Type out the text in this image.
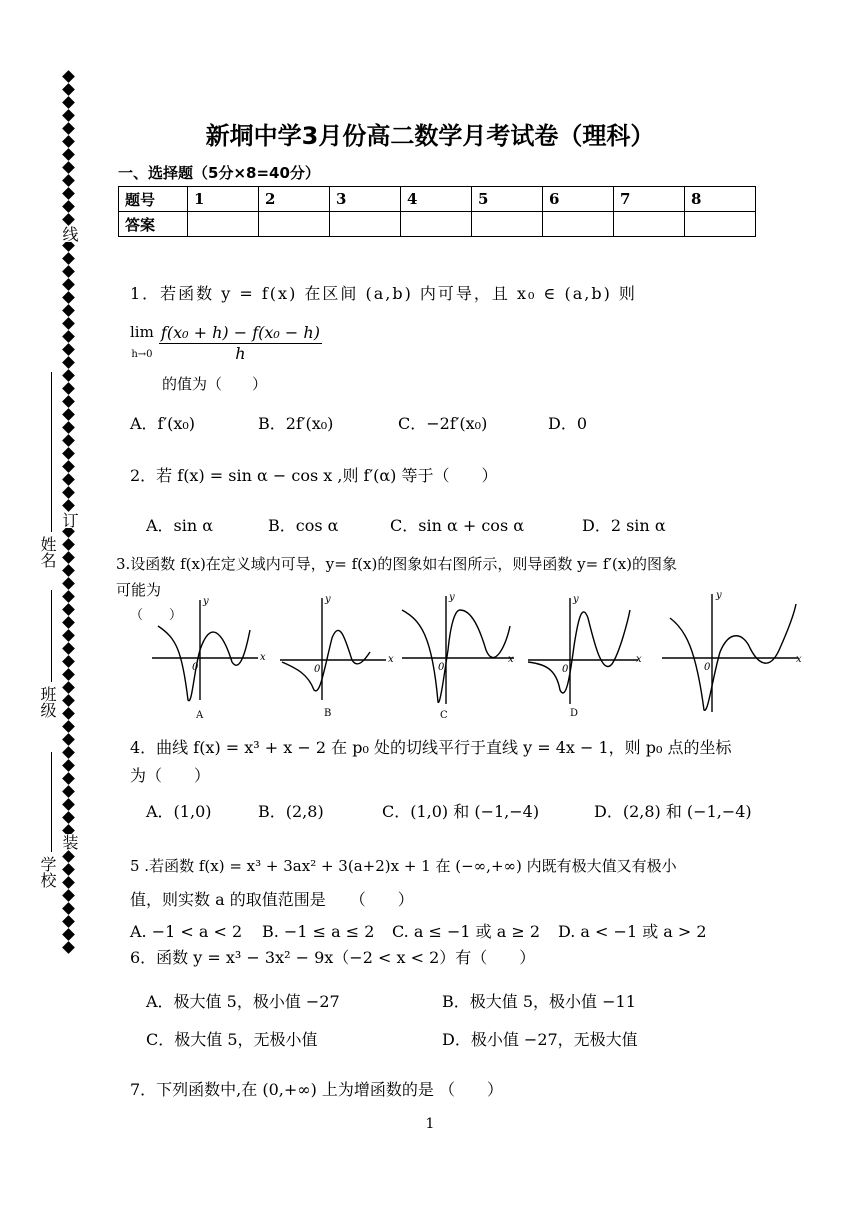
线
订
装
姓名
班级
学校
新垌中学3月份高二数学月考试卷（理科）
一、选择题（5分×8=40分）
题号	1	2	3	4	5	6	7	8
答案								
1．若函数 y = f(x) 在区间 (a,b) 内可导，且 x₀ ∈ (a,b) 则
lim
$h\to 0 \frac{\text{f(x₀ + h) − f(x₀ − h)}}{h}$
的值为（　　）
A．f′(x₀)	B．2f′(x₀)	C．−2f′(x₀)	D．0
2．若 f(x) = sin α − cos x ,则 f′(α) 等于（　　）
A．sin α	B．cos α	C．sin α + cos α	D．2 sin α
3.设函数 f(x)在定义域内可导，y= f(x)的图象如右图所示，则导函数 y= f′(x)的图象
可能为
（　　）
x
y
0
A
x
y
0
B
x
y
0
C
x
y
0
D
x
y
0
4．曲线 f(x) = x³ + x − 2 在 p₀ 处的切线平行于直线 y = 4x − 1，则 p₀ 点的坐标
为（　　）
A．(1,0)	B．(2,8)	C．(1,0) 和 (−1,−4)	D．(2,8) 和 (−1,−4)
5 .若函数 f(x) = x³ + 3ax² + 3(a+2)x + 1 在 (−∞,+∞) 内既有极大值又有极小
值，则实数 a 的取值范围是　　（　　）
A. −1 < a < 2 B. −1 ≤ a ≤ 2 C. a ≤ −1 或 a ≥ 2 D. a < −1 或 a > 2
6．函数 y = x³ − 3x² − 9x（−2 < x < 2）有（　　）
A．极大值 5，极小值 −27	B．极大值 5，极小值 −11
C．极大值 5，无极小值	D．极小值 −27，无极大值
7．下列函数中,在 (0,+∞) 上为增函数的是 （　　）
1
